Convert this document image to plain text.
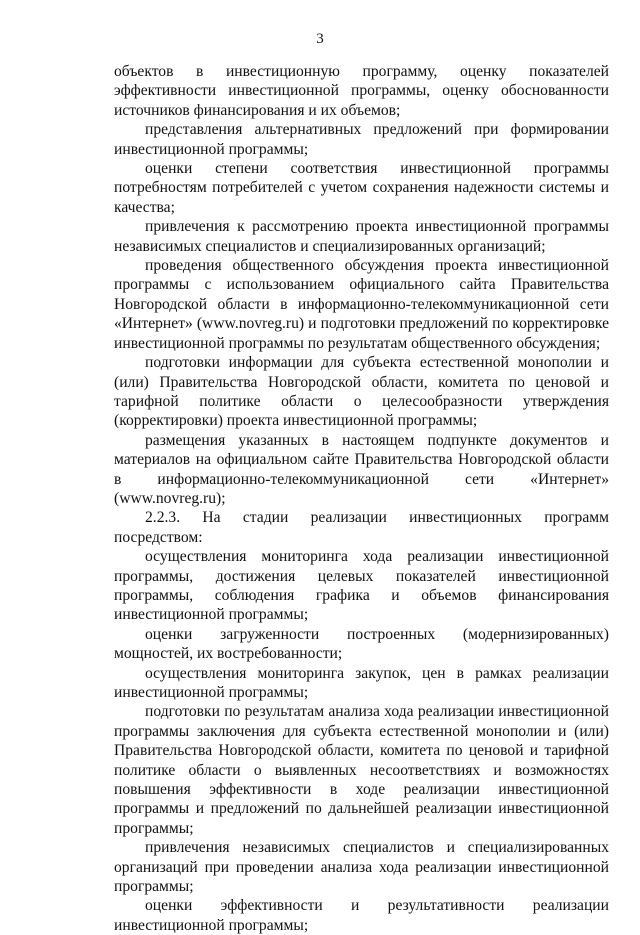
3

объектов в инвестиционную программу, оценку показателей эффективности инвестиционной программы, оценку обоснованности источников финансирования и их объемов;

представления альтернативных предложений при формировании инвестиционной программы;

оценки степени соответствия инвестиционной программы потребностям потребителей с учетом сохранения надежности системы и качества;

привлечения к рассмотрению проекта инвестиционной программы независимых специалистов и специализированных организаций;

проведения общественного обсуждения проекта инвестиционной программы с использованием официального сайта Правительства Новгородской области в информационно-телекоммуникационной сети «Интернет» (www.novreg.ru) и подготовки предложений по корректировке инвестиционной программы по результатам общественного обсуждения;

подготовки информации для субъекта естественной монополии и (или) Правительства Новгородской области, комитета по ценовой и тарифной политике области о целесообразности утверждения (корректировки) проекта инвестиционной программы;

размещения указанных в настоящем подпункте документов и материалов на официальном сайте Правительства Новгородской области в информационно-телекоммуникационной сети «Интернет» (www.novreg.ru);

2.2.3. На стадии реализации инвестиционных программ посредством:

осуществления мониторинга хода реализации инвестиционной программы, достижения целевых показателей инвестиционной программы, соблюдения графика и объемов финансирования инвестиционной программы;

оценки загруженности построенных (модернизированных) мощностей, их востребованности;

осуществления мониторинга закупок, цен в рамках реализации инвестиционной программы;

подготовки по результатам анализа хода реализации инвестиционной программы заключения для субъекта естественной монополии и (или) Правительства Новгородской области, комитета по ценовой и тарифной политике области о выявленных несоответствиях и возможностях повышения эффективности в ходе реализации инвестиционной программы и предложений по дальнейшей реализации инвестиционной программы;

привлечения независимых специалистов и специализированных организаций при проведении анализа хода реализации инвестиционной программы;

оценки эффективности и результативности реализации инвестиционной программы;
